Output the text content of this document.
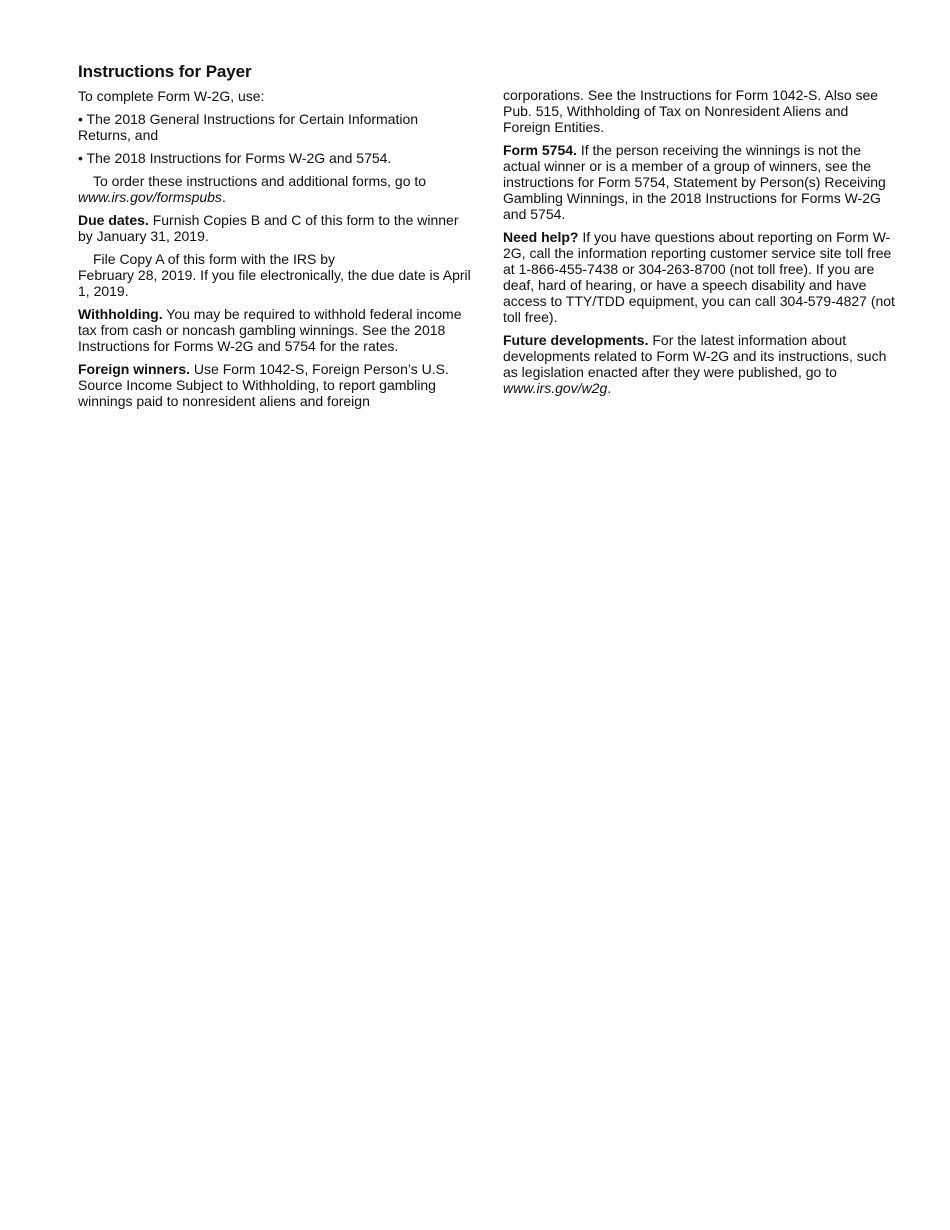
Instructions for Payer

To complete Form W-2G, use:

• The 2018 General Instructions for Certain Information Returns, and

• The 2018 Instructions for Forms W-2G and 5754.

To order these instructions and additional forms, go to
www.irs.gov/formspubs.

Due dates. Furnish Copies B and C of this form to the winner by January 31, 2019.

File Copy A of this form with the IRS by
February 28, 2019. If you file electronically, the due date is April 1, 2019.

Withholding. You may be required to withhold federal income tax from cash or noncash gambling winnings. See the 2018 Instructions for Forms W-2G and 5754 for the rates.

Foreign winners. Use Form 1042-S, Foreign Person’s U.S. Source Income Subject to Withholding, to report gambling winnings paid to nonresident aliens and foreign

corporations. See the Instructions for Form 1042-S. Also see Pub. 515, Withholding of Tax on Nonresident Aliens and Foreign Entities.

Form 5754. If the person receiving the winnings is not the actual winner or is a member of a group of winners, see the instructions for Form 5754, Statement by Person(s) Receiving Gambling Winnings, in the 2018 Instructions for Forms W-2G and 5754.

Need help? If you have questions about reporting on Form W-2G, call the information reporting customer service site toll free at 1-866-455-7438 or 304-263-8700 (not toll free). If you are deaf, hard of hearing, or have a speech disability and have access to TTY/TDD equipment, you can call 304-579-4827 (not toll free).

Future developments. For the latest information about developments related to Form W-2G and its instructions, such as legislation enacted after they were published, go to www.irs.gov/w2g.
